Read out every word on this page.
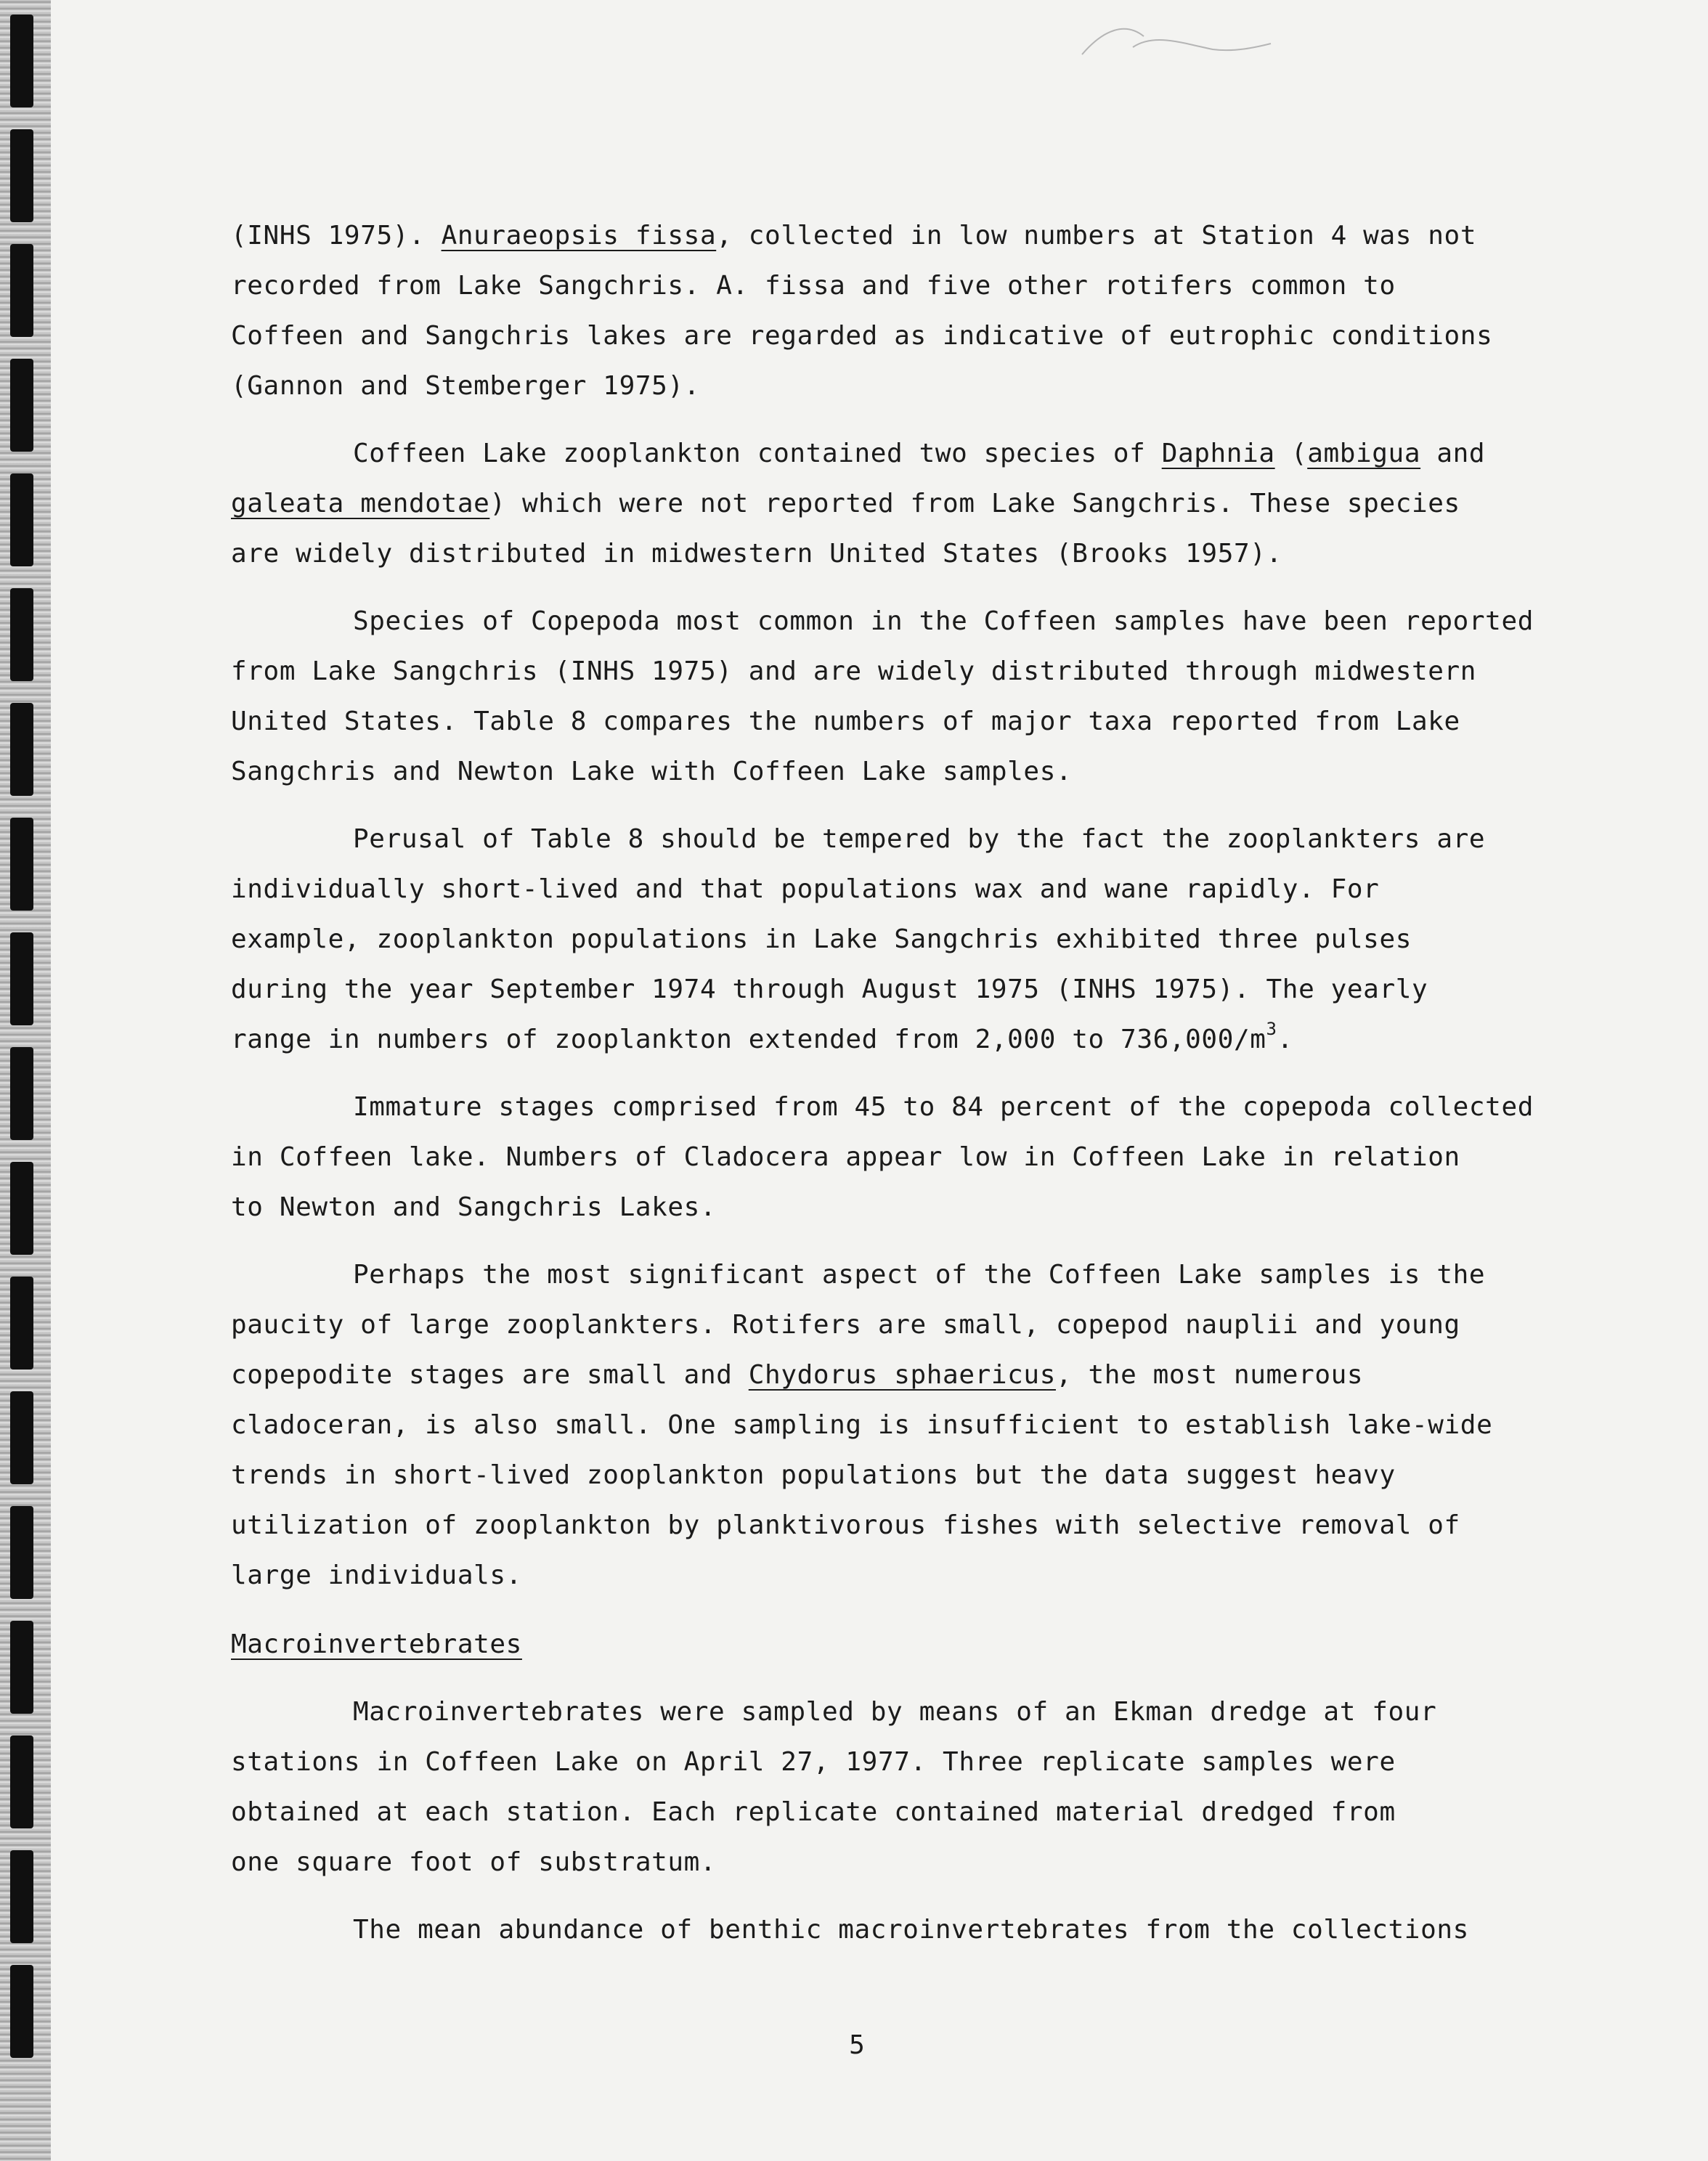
(INHS 1975). Anuraeopsis fissa, collected in low numbers at Station 4 was not
recorded from Lake Sangchris. A. fissa and five other rotifers common to
Coffeen and Sangchris lakes are regarded as indicative of eutrophic conditions
(Gannon and Stemberger 1975).
Coffeen Lake zooplankton contained two species of Daphnia (ambigua and
galeata mendotae) which were not reported from Lake Sangchris. These species
are widely distributed in midwestern United States (Brooks 1957).
Species of Copepoda most common in the Coffeen samples have been reported
from Lake Sangchris (INHS 1975) and are widely distributed through midwestern
United States. Table 8 compares the numbers of major taxa reported from Lake
Sangchris and Newton Lake with Coffeen Lake samples.
Perusal of Table 8 should be tempered by the fact the zooplankters are
individually short-lived and that populations wax and wane rapidly. For
example, zooplankton populations in Lake Sangchris exhibited three pulses
during the year September 1974 through August 1975 (INHS 1975). The yearly
range in numbers of zooplankton extended from 2,000 to $736,000/m^3$.
Immature stages comprised from 45 to 84 percent of the copepoda collected
in Coffeen lake. Numbers of Cladocera appear low in Coffeen Lake in relation
to Newton and Sangchris Lakes.
Perhaps the most significant aspect of the Coffeen Lake samples is the
paucity of large zooplankters. Rotifers are small, copepod nauplii and young
copepodite stages are small and Chydorus sphaericus, the most numerous
cladoceran, is also small. One sampling is insufficient to establish lake-wide
trends in short-lived zooplankton populations but the data suggest heavy
utilization of zooplankton by planktivorous fishes with selective removal of
large individuals.
Macroinvertebrates
Macroinvertebrates were sampled by means of an Ekman dredge at four
stations in Coffeen Lake on April 27, 1977. Three replicate samples were
obtained at each station. Each replicate contained material dredged from
one square foot of substratum.
The mean abundance of benthic macroinvertebrates from the collections
5
